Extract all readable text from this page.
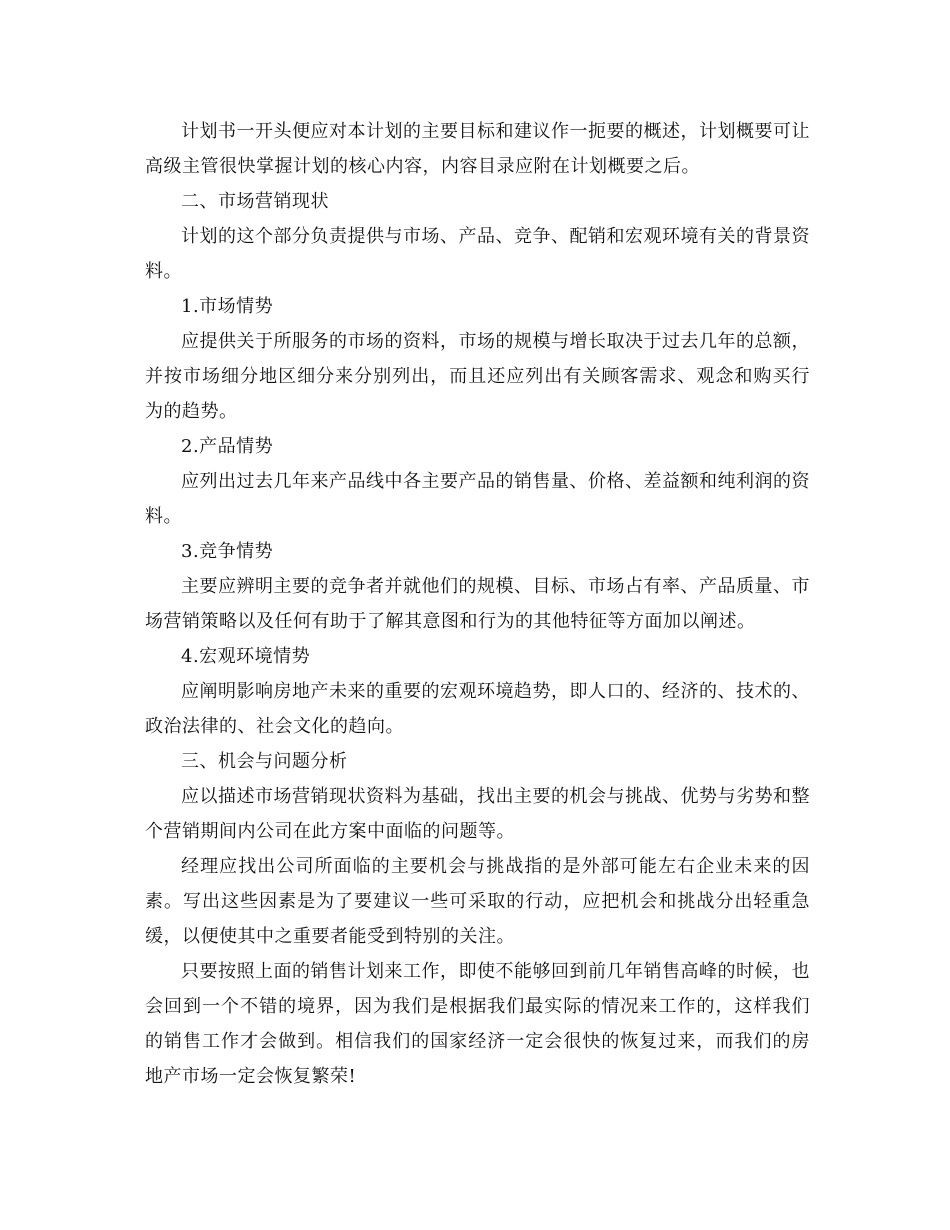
计划书一开头便应对本计划的主要目标和建议作一扼要的概述，计划概要可让高级主管很快掌握计划的核心内容，内容目录应附在计划概要之后。

二、市场营销现状

计划的这个部分负责提供与市场、产品、竞争、配销和宏观环境有关的背景资料。

1.市场情势

应提供关于所服务的市场的资料，市场的规模与增长取决于过去几年的总额，并按市场细分地区细分来分别列出，而且还应列出有关顾客需求、观念和购买行为的趋势。

2.产品情势

应列出过去几年来产品线中各主要产品的销售量、价格、差益额和纯利润的资料。

3.竞争情势

主要应辨明主要的竞争者并就他们的规模、目标、市场占有率、产品质量、市场营销策略以及任何有助于了解其意图和行为的其他特征等方面加以阐述。

4.宏观环境情势

应阐明影响房地产未来的重要的宏观环境趋势，即人口的、经济的、技术的、政治法律的、社会文化的趋向。

三、机会与问题分析

应以描述市场营销现状资料为基础，找出主要的机会与挑战、优势与劣势和整个营销期间内公司在此方案中面临的问题等。

经理应找出公司所面临的主要机会与挑战指的是外部可能左右企业未来的因素。写出这些因素是为了要建议一些可采取的行动，应把机会和挑战分出轻重急缓，以便使其中之重要者能受到特别的关注。

只要按照上面的销售计划来工作，即使不能够回到前几年销售高峰的时候，也会回到一个不错的境界，因为我们是根据我们最实际的情况来工作的，这样我们的销售工作才会做到。相信我们的国家经济一定会很快的恢复过来，而我们的房地产市场一定会恢复繁荣!
